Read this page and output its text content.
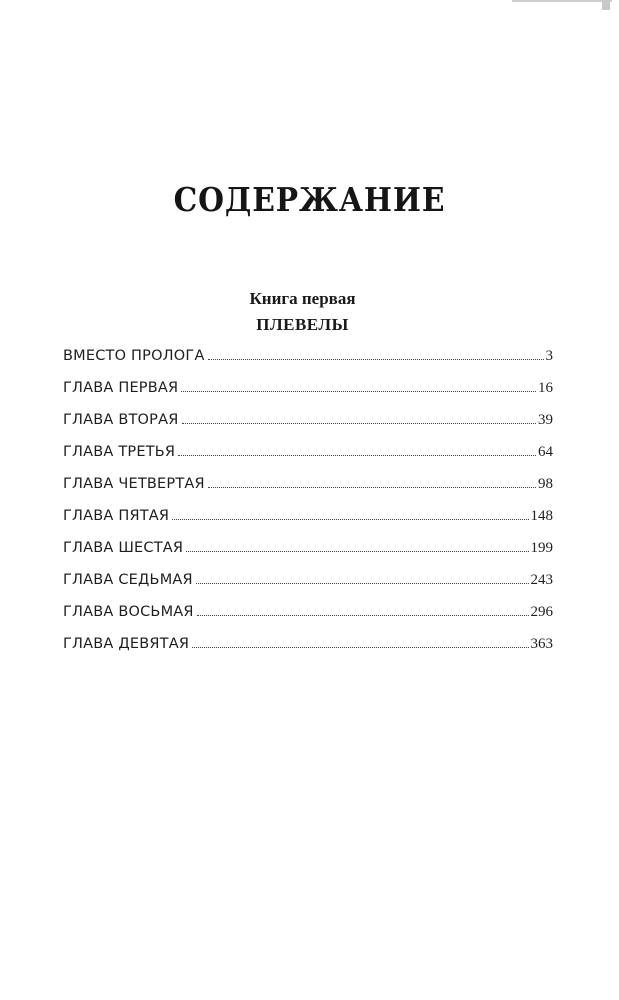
СОДЕРЖАНИЕ
Книга первая
ПЛЕВЕЛЫ
ВМЕСТО ПРОЛОГА	3
ГЛАВА ПЕРВАЯ	16
ГЛАВА ВТОРАЯ	39
ГЛАВА ТРЕТЬЯ	64
ГЛАВА ЧЕТВЕРТАЯ	98
ГЛАВА ПЯТАЯ	148
ГЛАВА ШЕСТАЯ	199
ГЛАВА СЕДЬМАЯ	243
ГЛАВА ВОСЬМАЯ	296
ГЛАВА ДЕВЯТАЯ	363
